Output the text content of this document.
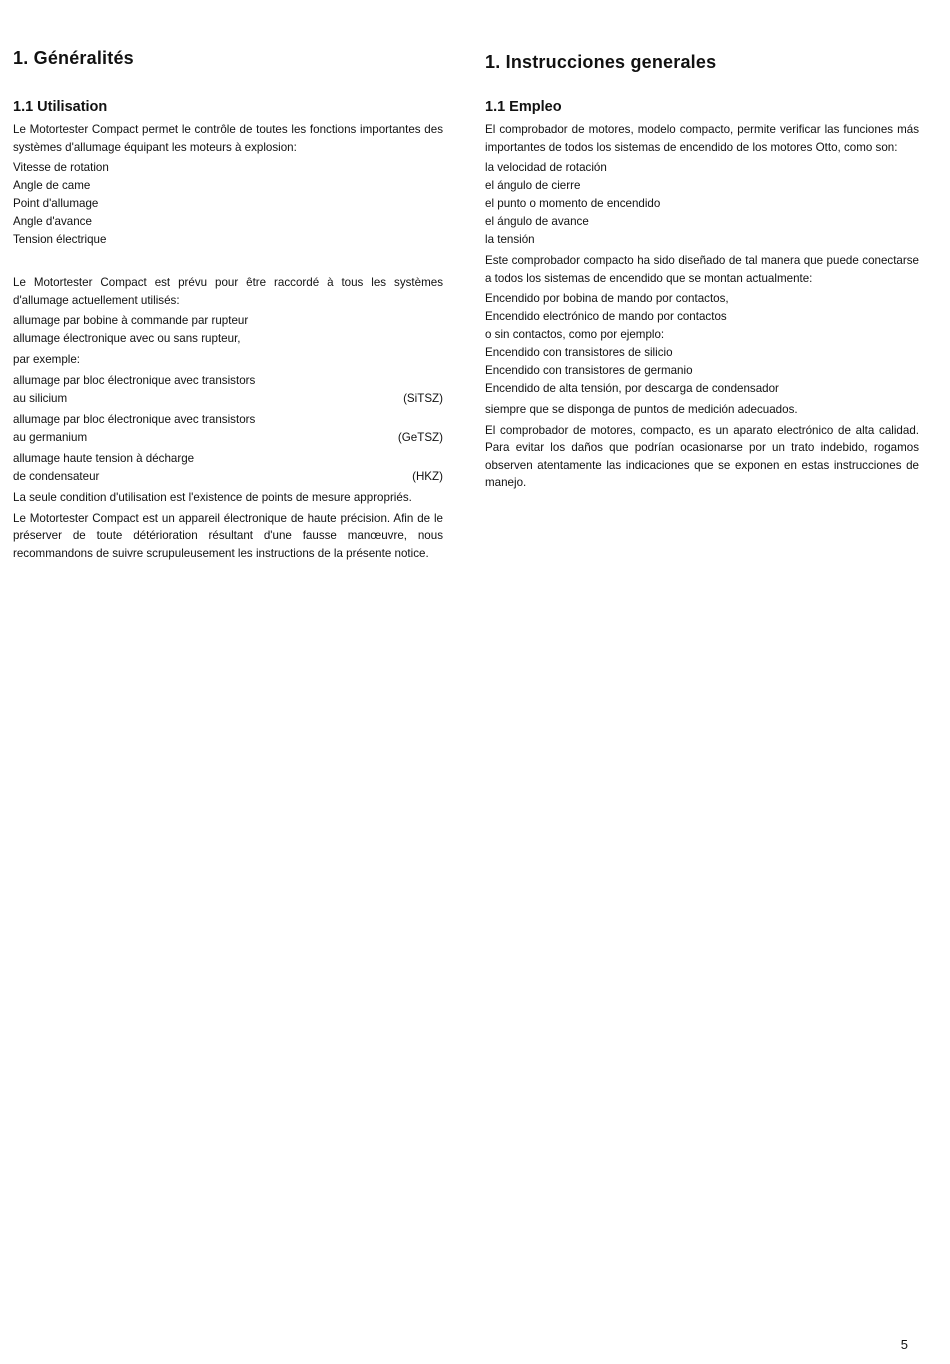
1. Généralités
1.1 Utilisation

Le Motortester Compact permet le contrôle de toutes les fonctions importantes des systèmes d'allumage équipant les moteurs à explosion:

Vitesse de rotation
Angle de came
Point d'allumage
Angle d'avance
Tension électrique

Le Motortester Compact est prévu pour être raccordé à tous les systèmes d'allumage actuellement utilisés:

allumage par bobine à commande par rupteur
allumage électronique avec ou sans rupteur,
par exemple:
allumage par bloc électronique avec transistors
au silicium	(SiTSZ)
allumage par bloc électronique avec transistors
au germanium	(GeTSZ)
allumage haute tension à décharge
de condensateur	(HKZ)

La seule condition d'utilisation est l'existence de points de mesure appropriés.

Le Motortester Compact est un appareil électronique de haute précision. Afin de le préserver de toute détérioration résultant d'une fausse manœuvre, nous recommandons de suivre scrupuleusement les instructions de la présente notice.

1. Instrucciones generales
1.1 Empleo

El comprobador de motores, modelo compacto, permite verificar las funciones más importantes de todos los sistemas de encendido de los motores Otto, como son:

la velocidad de rotación
el ángulo de cierre
el punto o momento de encendido
el ángulo de avance
la tensión

Este comprobador compacto ha sido diseñado de tal manera que puede conectarse a todos los sistemas de encendido que se montan actualmente:

Encendido por bobina de mando por contactos,
Encendido electrónico de mando por contactos
o sin contactos, como por ejemplo:
Encendido con transistores de silicio
Encendido con transistores de germanio
Encendido de alta tensión, por descarga de condensador

siempre que se disponga de puntos de medición adecuados.

El comprobador de motores, compacto, es un aparato electrónico de alta calidad. Para evitar los daños que podrían ocasionarse por un trato indebido, rogamos observen atentamente las indicaciones que se exponen en estas instrucciones de manejo.

5
